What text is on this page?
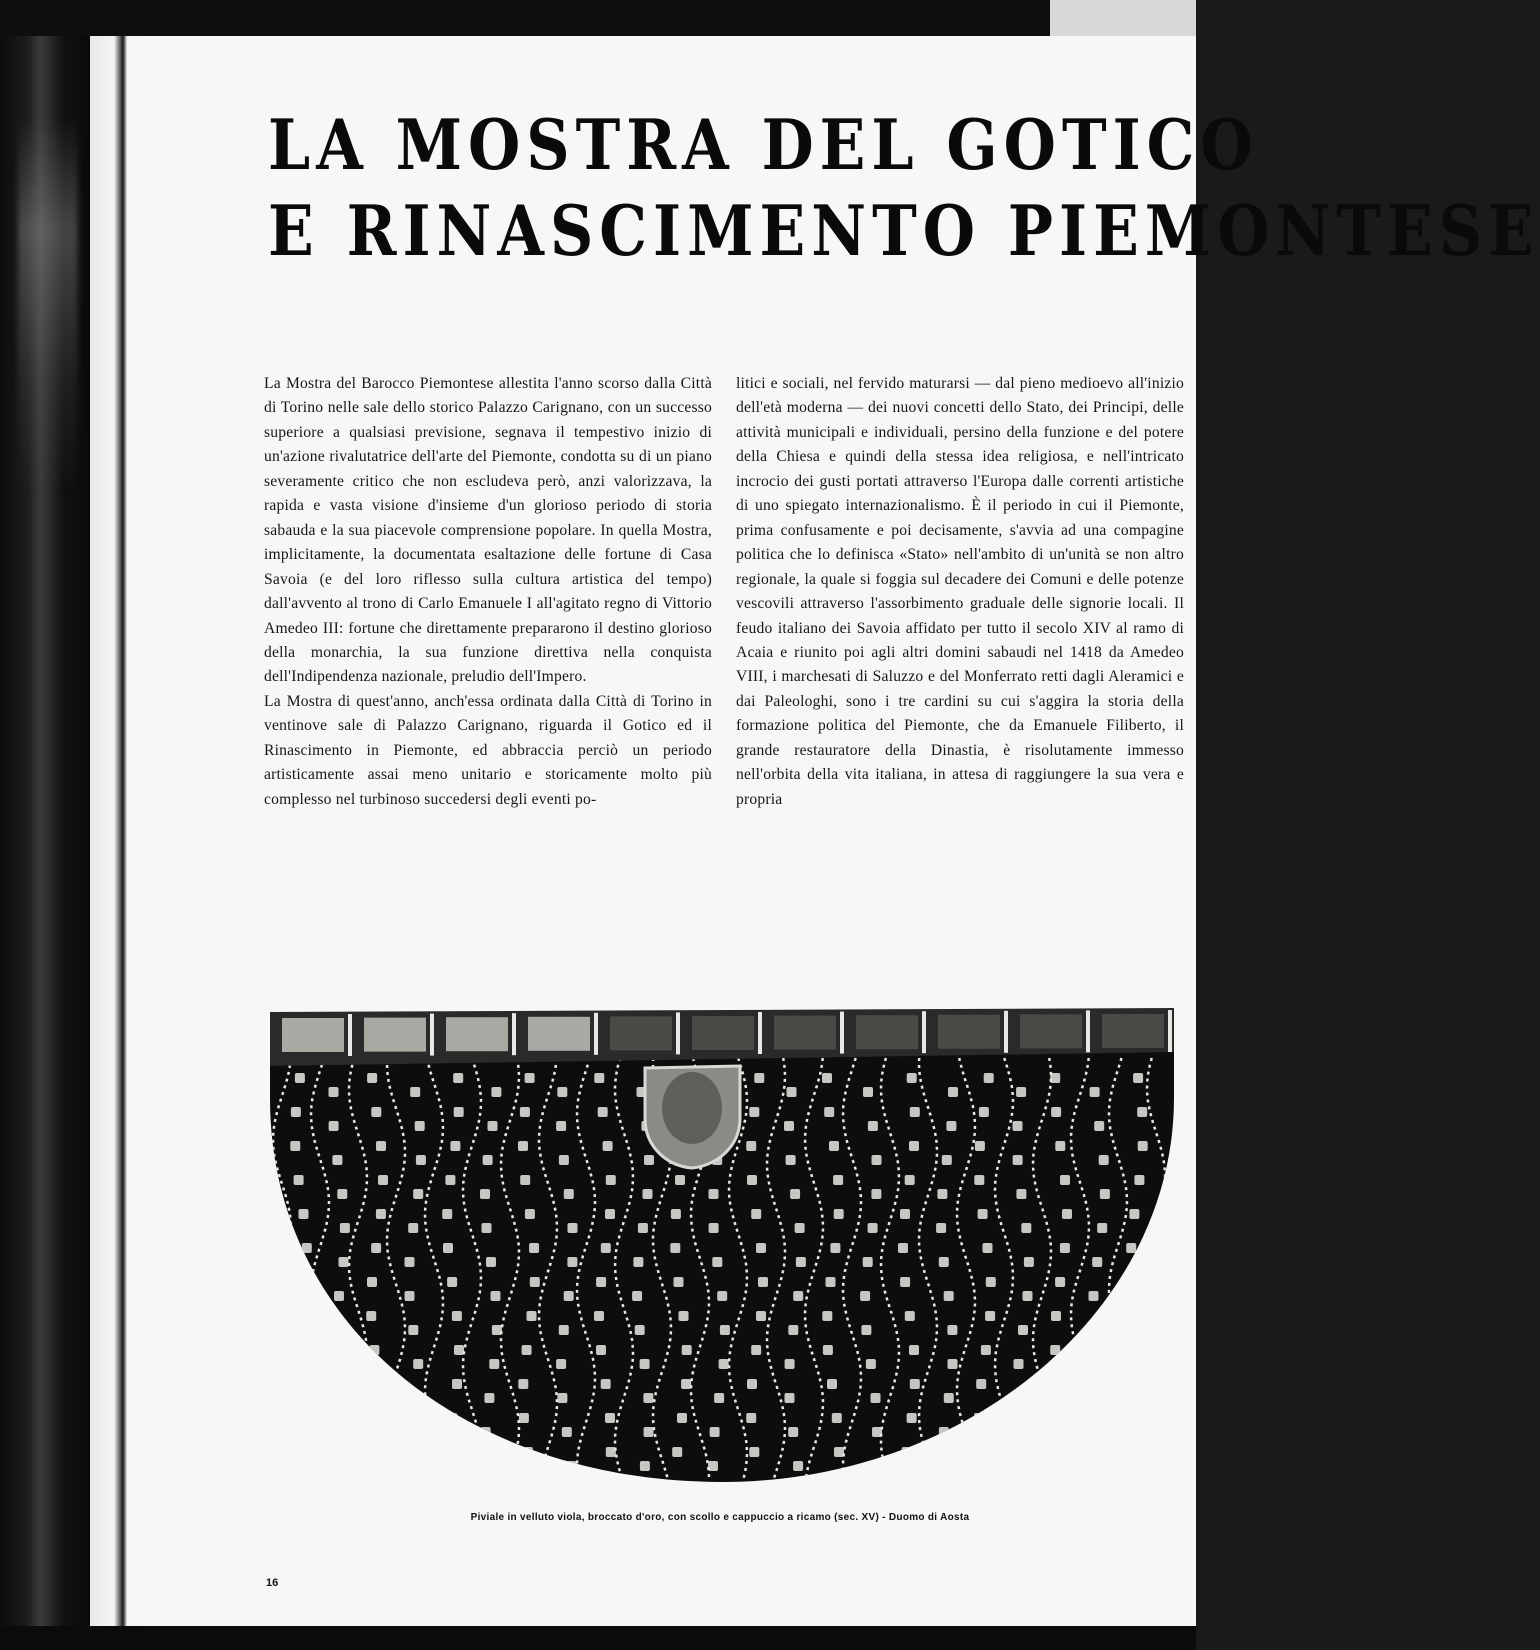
LA MOSTRA DEL GOTICO
E RINASCIMENTO PIEMONTESE

La Mostra del Barocco Piemontese allestita l'anno scorso dalla Città di Torino nelle sale dello storico Palazzo Carignano, con un successo superiore a qualsiasi previsione, segnava il tempestivo inizio di un'azione rivalutatrice dell'arte del Piemonte, condotta su di un piano severamente critico che non escludeva però, anzi valorizzava, la rapida e vasta visione d'insieme d'un glorioso periodo di storia sabauda e la sua piacevole comprensione popolare. In quella Mostra, implicitamente, la documentata esaltazione delle fortune di Casa Savoia (e del loro riflesso sulla cultura artistica del tempo) dall'avvento al trono di Carlo Emanuele I all'agitato regno di Vittorio Amedeo III: fortune che direttamente prepararono il destino glorioso della monarchia, la sua funzione direttiva nella conquista dell'Indipendenza nazionale, preludio dell'Impero.

La Mostra di quest'anno, anch'essa ordinata dalla Città di Torino in ventinove sale di Palazzo Carignano, riguarda il Gotico ed il Rinascimento in Piemonte, ed abbraccia perciò un periodo artisticamente assai meno unitario e storicamente molto più complesso nel turbinoso succedersi degli eventi po-

litici e sociali, nel fervido maturarsi — dal pieno medioevo all'inizio dell'età moderna — dei nuovi concetti dello Stato, dei Principi, delle attività municipali e individuali, persino della funzione e del potere della Chiesa e quindi della stessa idea religiosa, e nell'intricato incrocio dei gusti portati attraverso l'Europa dalle correnti artistiche di uno spiegato internazionalismo. È il periodo in cui il Piemonte, prima confusamente e poi decisamente, s'avvia ad una compagine politica che lo definisca «Stato» nell'ambito di un'unità se non altro regionale, la quale si foggia sul decadere dei Comuni e delle potenze vescovili attraverso l'assorbimento graduale delle signorie locali. Il feudo italiano dei Savoia affidato per tutto il secolo XIV al ramo di Acaia e riunito poi agli altri domini sabaudi nel 1418 da Amedeo VIII, i marchesati di Saluzzo e del Monferrato retti dagli Aleramici e dai Paleologhi, sono i tre cardini su cui s'aggira la storia della formazione politica del Piemonte, che da Emanuele Filiberto, il grande restauratore della Dinastia, è risolutamente immesso nell'orbita della vita italiana, in attesa di raggiungere la sua vera e propria

Piviale in velluto viola, broccato d'oro, con scollo e cappuccio a ricamo (sec. XV) - Duomo di Aosta
16
